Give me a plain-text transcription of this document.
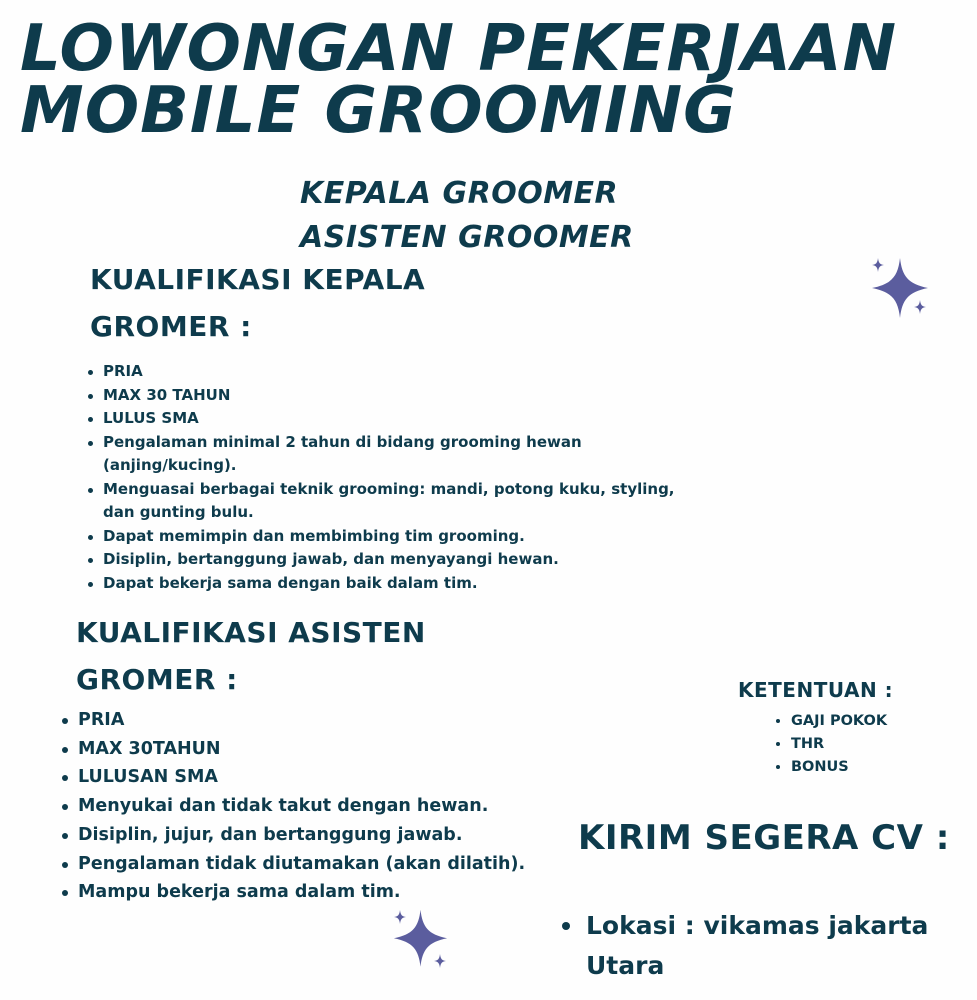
LOWONGAN PEKERJAAN
MOBILE GROOMING
KEPALA GROOMER
ASISTEN GROOMER
KUALIFIKASI KEPALA
GROMER :
PRIA
MAX 30 TAHUN
LULUS SMA
Pengalaman minimal 2 tahun di bidang grooming hewan (anjing/kucing).
Menguasai berbagai teknik grooming: mandi, potong kuku, styling, dan gunting bulu.
Dapat memimpin dan membimbing tim grooming.
Disiplin, bertanggung jawab, dan menyayangi hewan.
Dapat bekerja sama dengan baik dalam tim.
KUALIFIKASI ASISTEN
GROMER :
PRIA
MAX 30TAHUN
LULUSAN SMA
Menyukai dan tidak takut dengan hewan.
Disiplin, jujur, dan bertanggung jawab.
Pengalaman tidak diutamakan (akan dilatih).
Mampu bekerja sama dalam tim.
KETENTUAN :
GAJI POKOK
THR
BONUS
KIRIM SEGERA CV :
Lokasi : vikamas jakarta Utara
